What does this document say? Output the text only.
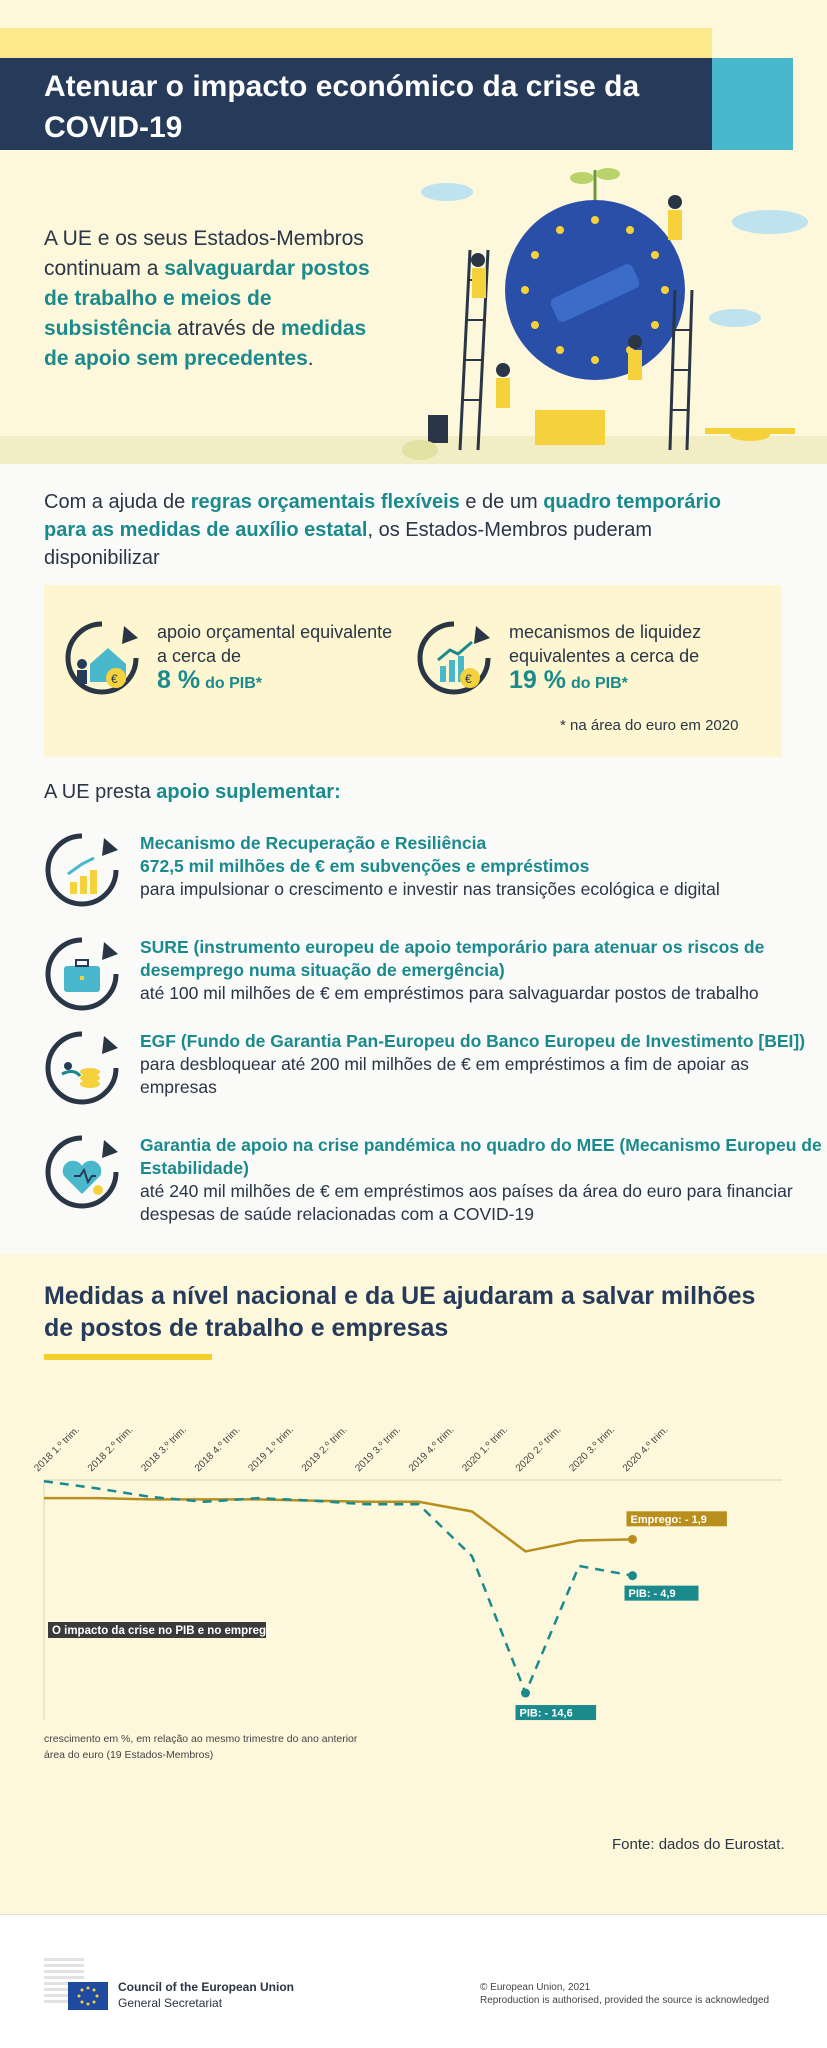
Atenuar o impacto económico da crise da COVID-19
A UE e os seus Estados-Membros continuam a salvaguardar postos de trabalho e meios de subsistência através de medidas de apoio sem precedentes.
Com a ajuda de regras orçamentais flexíveis e de um quadro temporário para as medidas de auxílio estatal, os Estados-Membros puderam disponibilizar
€
apoio orçamental equivalente
a cerca de
8 % do PIB*	€
mecanismos de liquidez
equivalentes a cerca de
19 % do PIB*
* na área do euro em 2020
A UE presta apoio suplementar:
Mecanismo de Recuperação e Resiliência
672,5 mil milhões de € em subvenções e empréstimos
para impulsionar o crescimento e investir nas transições ecológica e digital
SURE (instrumento europeu de apoio temporário para atenuar os riscos de desemprego numa situação de emergência)
até 100 mil milhões de € em empréstimos para salvaguardar postos de trabalho
EGF (Fundo de Garantia Pan-Europeu do Banco Europeu de Investimento [BEI])
para desbloquear até 200 mil milhões de € em empréstimos a fim de apoiar as empresas
Garantia de apoio na crise pandémica no quadro do MEE (Mecanismo Europeu de Estabilidade)
até 240 mil milhões de € em empréstimos aos países da área do euro para financiar despesas de saúde relacionadas com a COVID-19
Medidas a nível nacional e da UE ajudaram a salvar milhões de postos de trabalho e empresas
2018 1.º trim. 2018 2.º trim. 2018 3.º trim. 2018 4.º trim. 2019 1.º trim. 2019 2.º trim. 2019 3.º trim. 2019 4.º trim. 2020 1.º trim. 2020 2.º trim. 2020 3.º trim. 2020 4.º trim.
Emprego: - 1,9
PIB: - 4,9
PIB: - 14,6
O impacto da crise no PIB e no emprego
crescimento em %, em relação ao mesmo trimestre do ano anterior
área do euro (19 Estados-Membros)
Fonte: dados do Eurostat.
Council of the European Union
General Secretariat
© European Union, 2021
Reproduction is authorised, provided the source is acknowledged
